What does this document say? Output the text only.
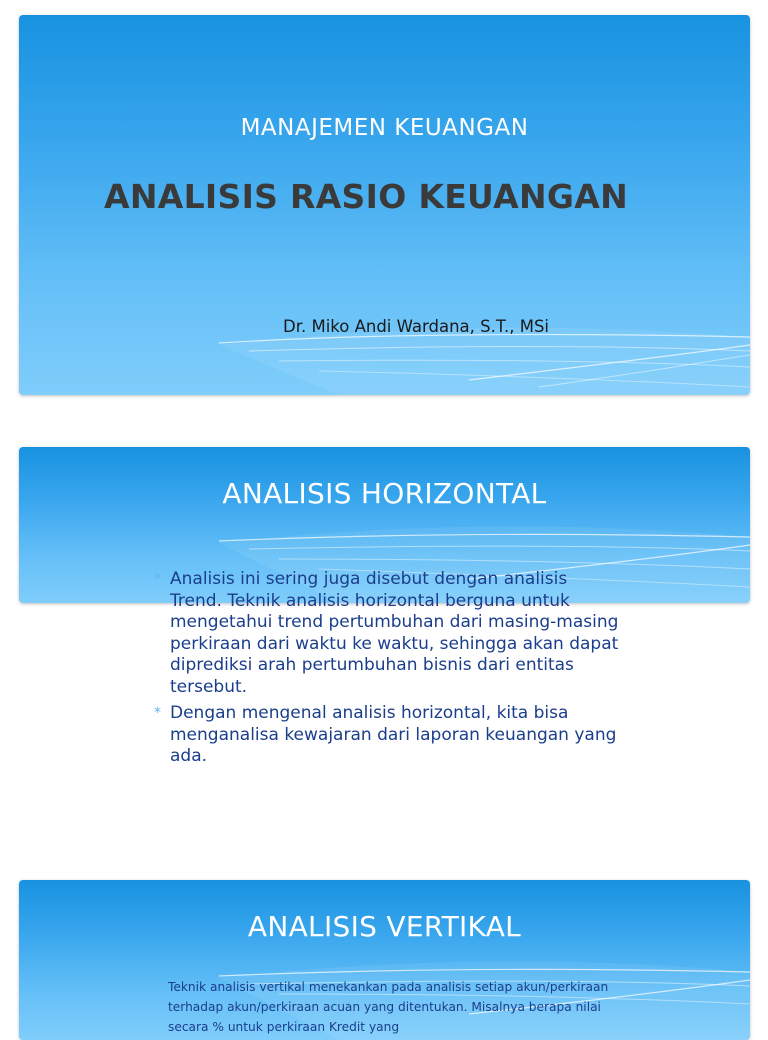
MANAJEMEN KEUANGAN
ANALISIS RASIO KEUANGAN
Dr. Miko Andi Wardana, S.T., MSi
ANALISIS HORIZONTAL
* Analisis ini sering juga disebut dengan analisis Trend. Teknik analisis horizontal berguna untuk mengetahui trend pertumbuhan dari masing-masing perkiraan dari waktu ke waktu, sehingga akan dapat diprediksi arah pertumbuhan bisnis dari entitas tersebut.
* Dengan mengenal analisis horizontal, kita bisa menganalisa kewajaran dari laporan keuangan yang ada.
ANALISIS VERTIKAL
* Teknik analisis vertikal menekankan pada analisis setiap akun/perkiraan terhadap akun/perkiraan acuan yang ditentukan. Misalnya berapa nilai secara % untuk perkiraan Kredit yang
